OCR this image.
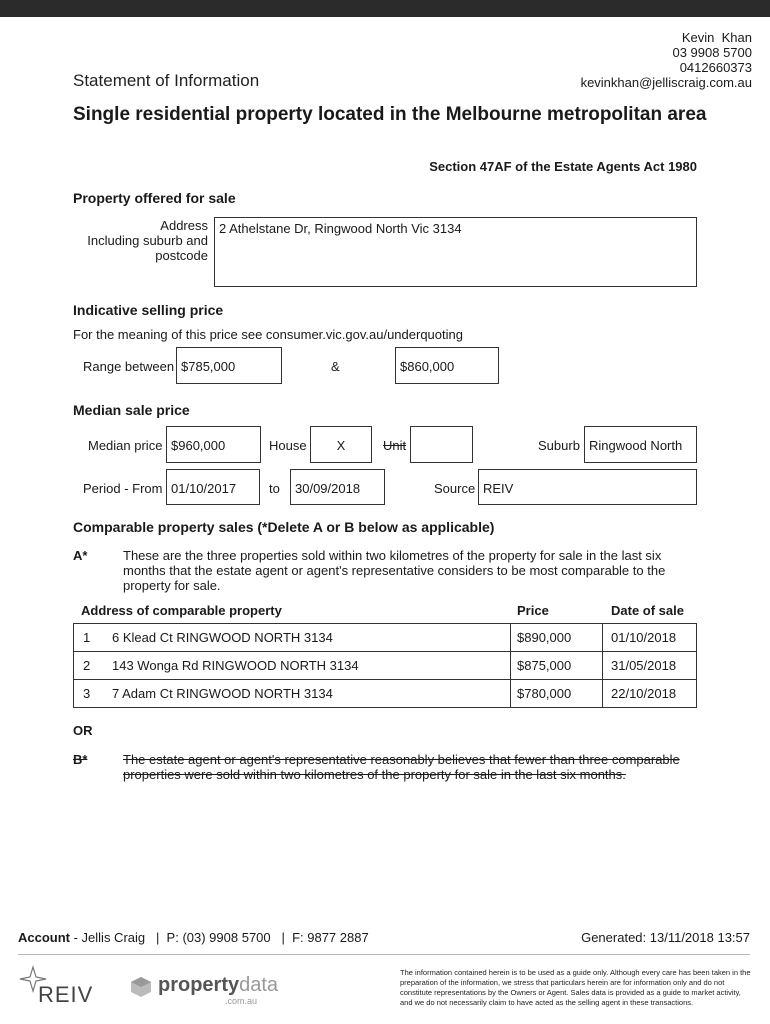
Kevin  Khan
03 9908 5700
0412660373
kevinkhan@jelliscraig.com.au
Statement of Information
Single residential property located in the Melbourne metropolitan area
Section 47AF of the Estate Agents Act 1980
Property offered for sale
Address
Including suburb and
postcode
2 Athelstane Dr, Ringwood North Vic 3134
Indicative selling price
For the meaning of this price see consumer.vic.gov.au/underquoting
Range between $785,000	&	$860,000
Median sale price
Median price $960,000	House	X	Unit	Suburb Ringwood North
Period - From 01/10/2017	to	30/09/2018	Source REIV
Comparable property sales (*Delete A or B below as applicable)
A*	These are the three properties sold within two kilometres of the property for sale in the last six months that the estate agent or agent's representative considers to be most comparable to the property for sale.
Address of comparable property	Price	Date of sale
1 6 Klead Ct RINGWOOD NORTH 3134	$890,000	01/10/2018
2 143 Wonga Rd RINGWOOD NORTH 3134	$875,000	31/05/2018
3 7 Adam Ct RINGWOOD NORTH 3134	$780,000	22/10/2018
OR
B*	The estate agent or agent's representative reasonably believes that fewer than three comparable properties were sold within two kilometres of the property for sale in the last six months.
Account - Jellis Craig   |  P: (03) 9908 5700   |  F: 9877 2887	Generated: 13/11/2018 13:57
REIV	propertydata
.com.au
The information contained herein is to be used as a guide only. Although every care has been taken in the preparation of the information, we stress that particulars herein are for information only and do not constitute representations by the Owners or Agent. Sales data is provided as a guide to market activity, and we do not necessarily claim to have acted as the selling agent in these transactions.
